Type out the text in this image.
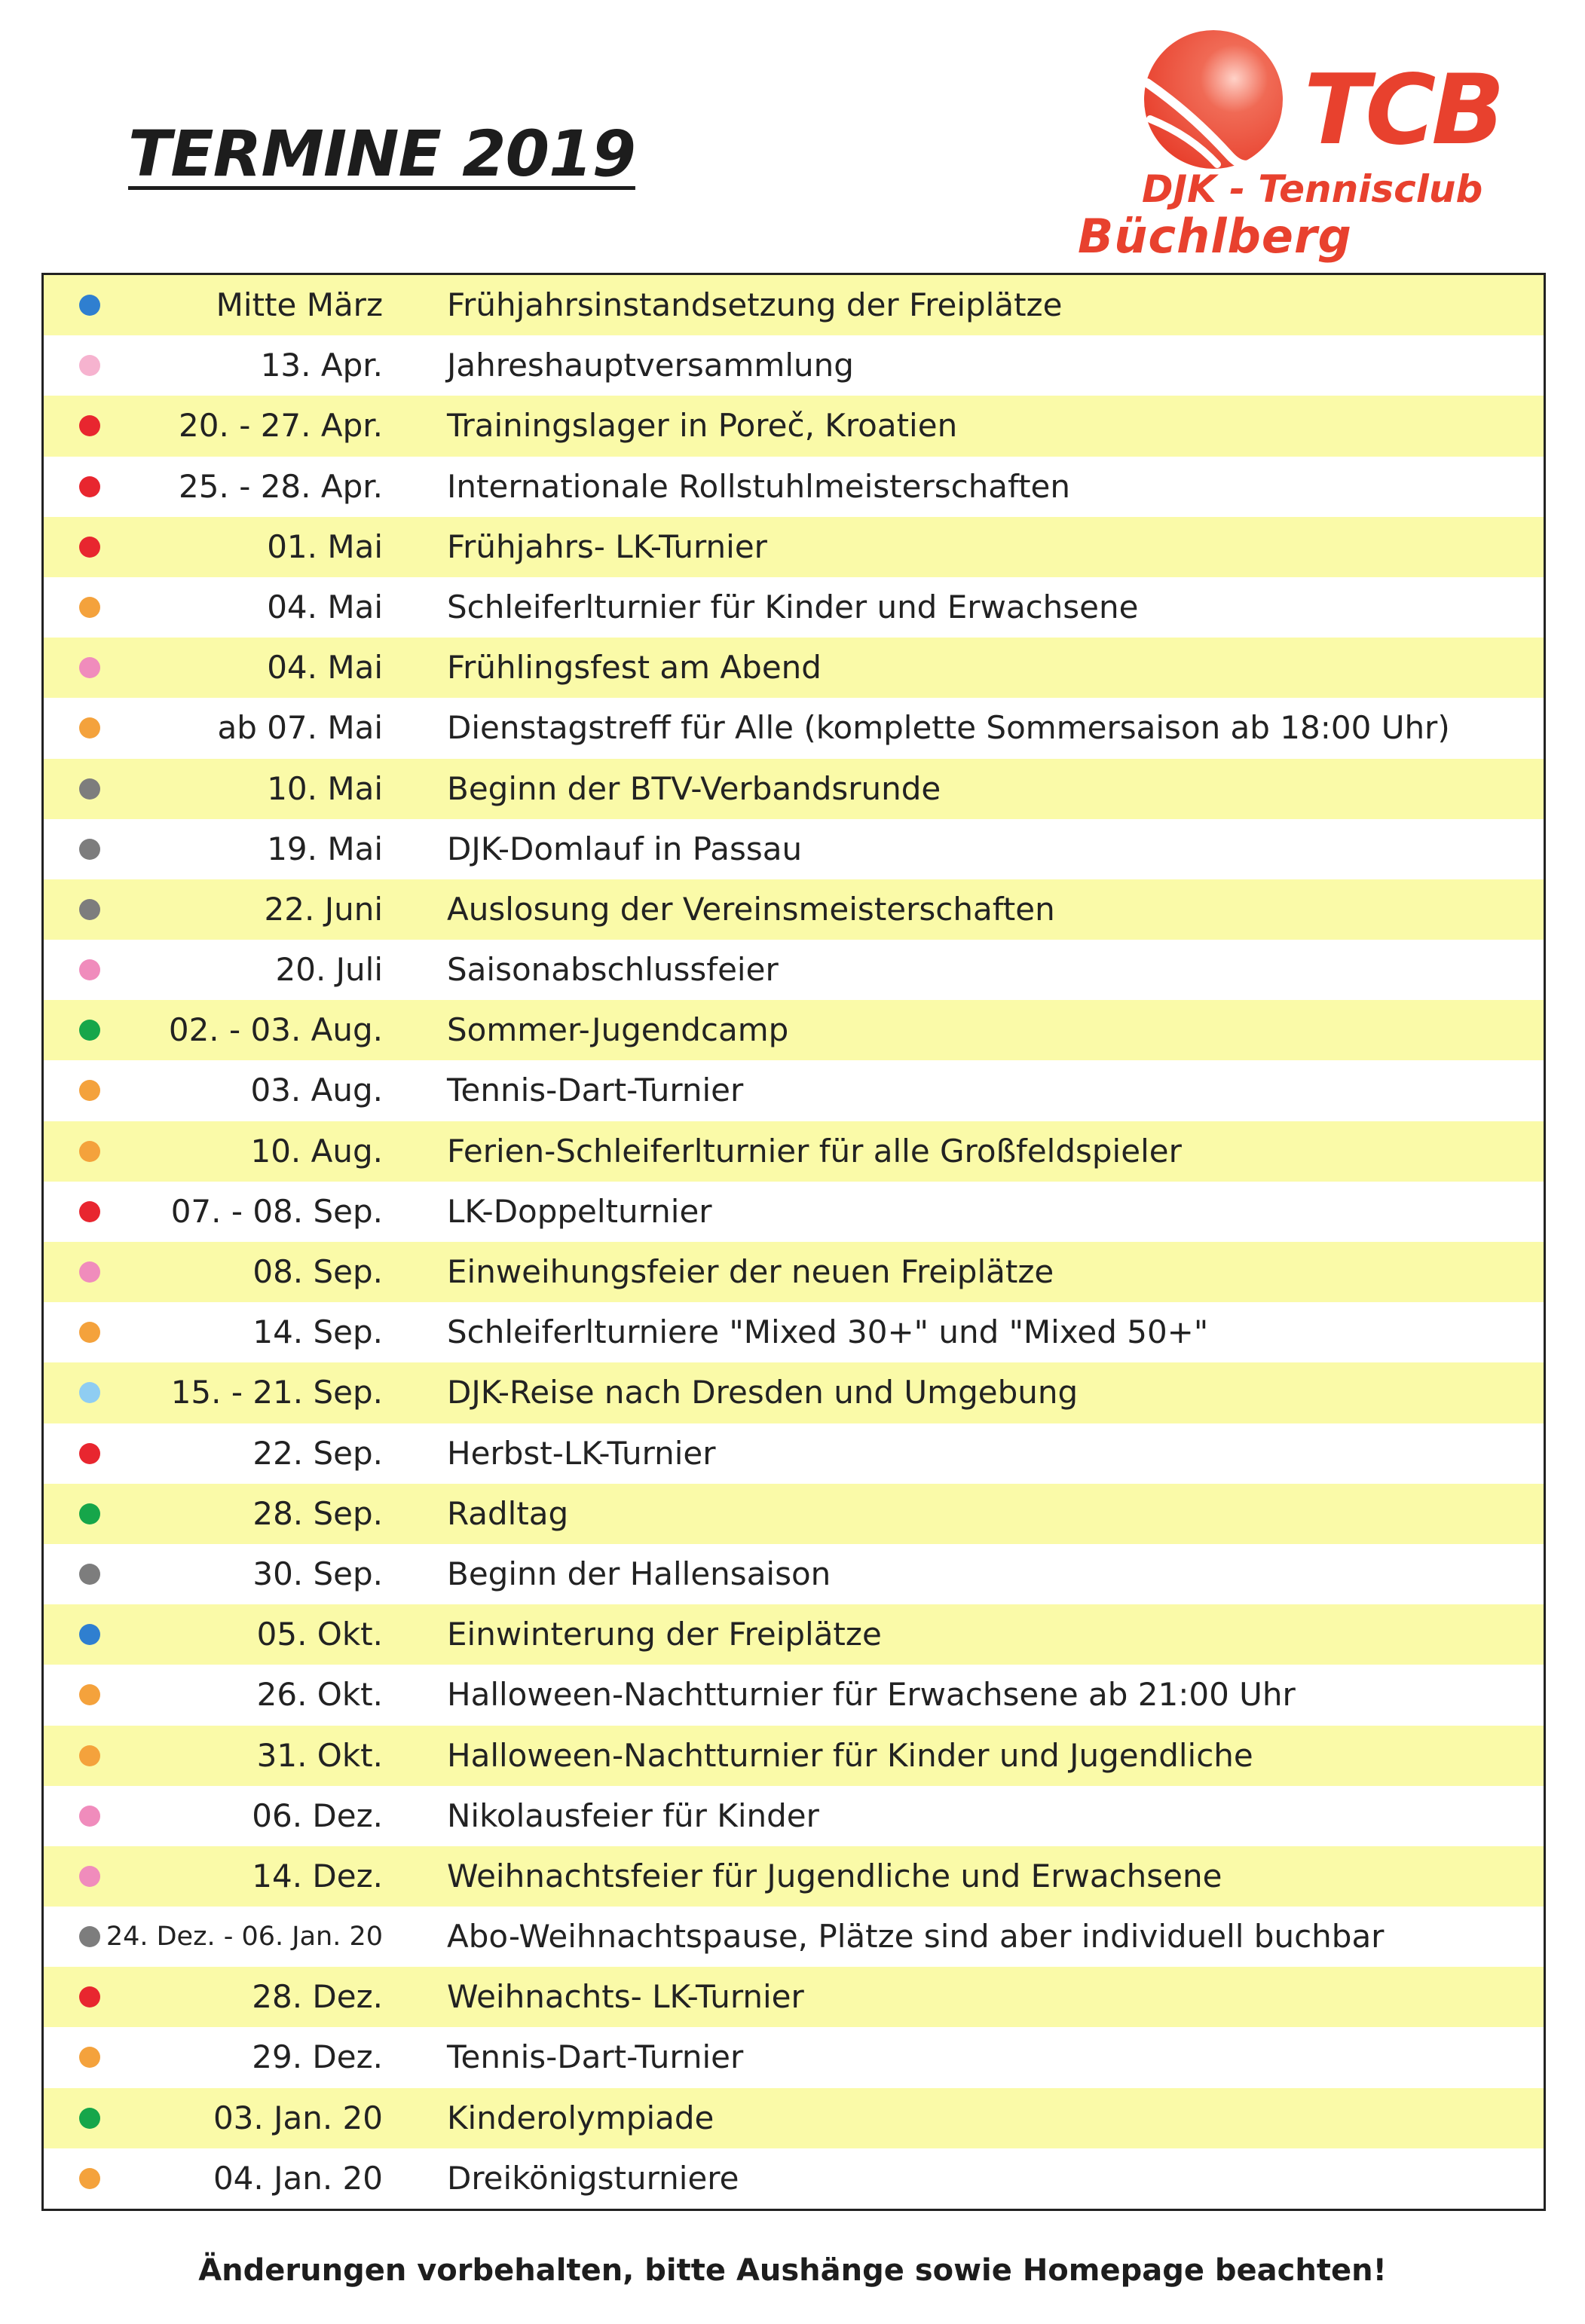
TERMINE 2019	TCB
DJK - Tennisclub
Büchlberg
Mitte März Frühjahrsinstandsetzung der Freiplätze
13. Apr. Jahreshauptversammlung
20. - 27. Apr. Trainingslager in Poreč, Kroatien
25. - 28. Apr. Internationale Rollstuhlmeisterschaften
01. Mai Frühjahrs- LK-Turnier
04. Mai Schleiferlturnier für Kinder und Erwachsene
04. Mai Frühlingsfest am Abend
ab 07. Mai Dienstagstreff für Alle (komplette Sommersaison ab 18:00 Uhr)
10. Mai Beginn der BTV-Verbandsrunde
19. Mai DJK-Domlauf in Passau
22. Juni Auslosung der Vereinsmeisterschaften
20. Juli Saisonabschlussfeier
02. - 03. Aug. Sommer-Jugendcamp
03. Aug. Tennis-Dart-Turnier
10. Aug. Ferien-Schleiferlturnier für alle Großfeldspieler
07. - 08. Sep. LK-Doppelturnier
08. Sep. Einweihungsfeier der neuen Freiplätze
14. Sep. Schleiferlturniere "Mixed 30+" und "Mixed 50+"
15. - 21. Sep. DJK-Reise nach Dresden und Umgebung
22. Sep. Herbst-LK-Turnier
28. Sep. Radltag
30. Sep. Beginn der Hallensaison
05. Okt. Einwinterung der Freiplätze
26. Okt. Halloween-Nachtturnier für Erwachsene ab 21:00 Uhr
31. Okt. Halloween-Nachtturnier für Kinder und Jugendliche
06. Dez. Nikolausfeier für Kinder
14. Dez. Weihnachtsfeier für Jugendliche und Erwachsene
24. Dez. - 06. Jan. 20 Abo-Weihnachtspause, Plätze sind aber individuell buchbar
28. Dez. Weihnachts- LK-Turnier
29. Dez. Tennis-Dart-Turnier
03. Jan. 20 Kinderolympiade
04. Jan. 20 Dreikönigsturniere
Änderungen vorbehalten, bitte Aushänge sowie Homepage beachten!
